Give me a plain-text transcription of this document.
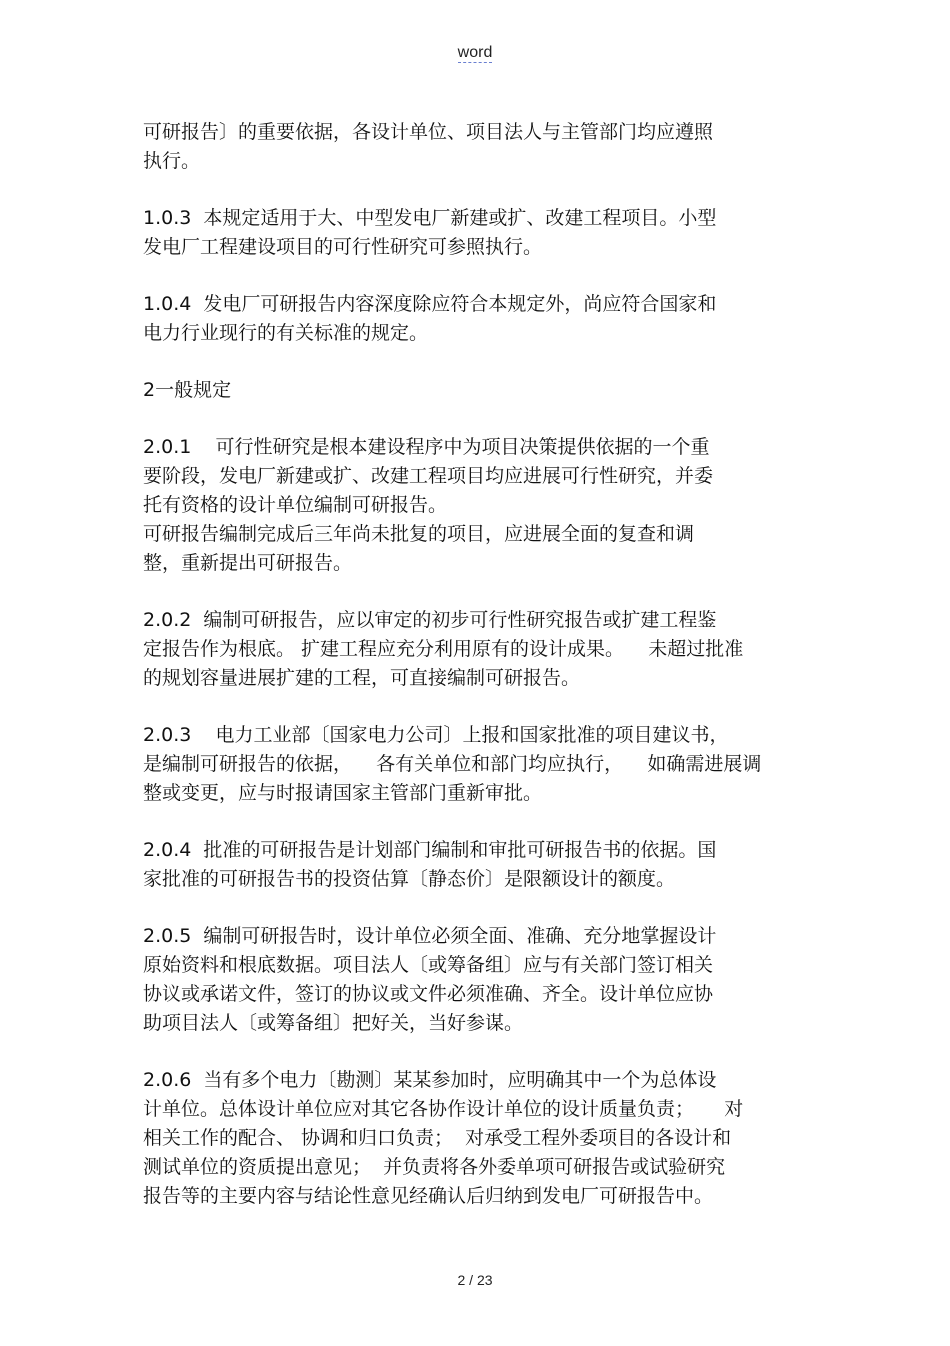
word

可研报告〕的重要依据，各设计单位、项目法人与主管部门均应遵照
执行。

1.0.3  本规定适用于大、中型发电厂新建或扩、改建工程项目。小型
发电厂工程建设项目的可行性研究可参照执行。

1.0.4  发电厂可研报告内容深度除应符合本规定外，尚应符合国家和
电力行业现行的有关标准的规定。

2一般规定

2.0.1    可行性研究是根本建设程序中为项目决策提供依据的一个重
要阶段，发电厂新建或扩、改建工程项目均应进展可行性研究，并委
托有资格的设计单位编制可研报告。
可研报告编制完成后三年尚未批复的项目，应进展全面的复查和调
整，重新提出可研报告。

2.0.2  编制可研报告，应以审定的初步可行性研究报告或扩建工程鉴
定报告作为根底。 扩建工程应充分利用原有的设计成果。    未超过批准
的规划容量进展扩建的工程，可直接编制可研报告。

2.0.3    电力工业部〔国家电力公司〕上报和国家批准的项目建议书，
是编制可研报告的依据，    各有关单位和部门均应执行，    如确需进展调
整或变更，应与时报请国家主管部门重新审批。

2.0.4  批准的可研报告是计划部门编制和审批可研报告书的依据。国
家批准的可研报告书的投资估算〔静态价〕是限额设计的额度。

2.0.5  编制可研报告时，设计单位必须全面、准确、充分地掌握设计
原始资料和根底数据。项目法人〔或筹备组〕应与有关部门签订相关
协议或承诺文件，签订的协议或文件必须准确、齐全。设计单位应协
助项目法人〔或筹备组〕把好关，当好参谋。

2.0.6  当有多个电力〔勘测〕某某参加时，应明确其中一个为总体设
计单位。总体设计单位应对其它各协作设计单位的设计质量负责；     对
相关工作的配合、 协调和归口负责；  对承受工程外委项目的各设计和
测试单位的资质提出意见；  并负责将各外委单项可研报告或试验研究
报告等的主要内容与结论性意见经确认后归纳到发电厂可研报告中。

2 / 23
